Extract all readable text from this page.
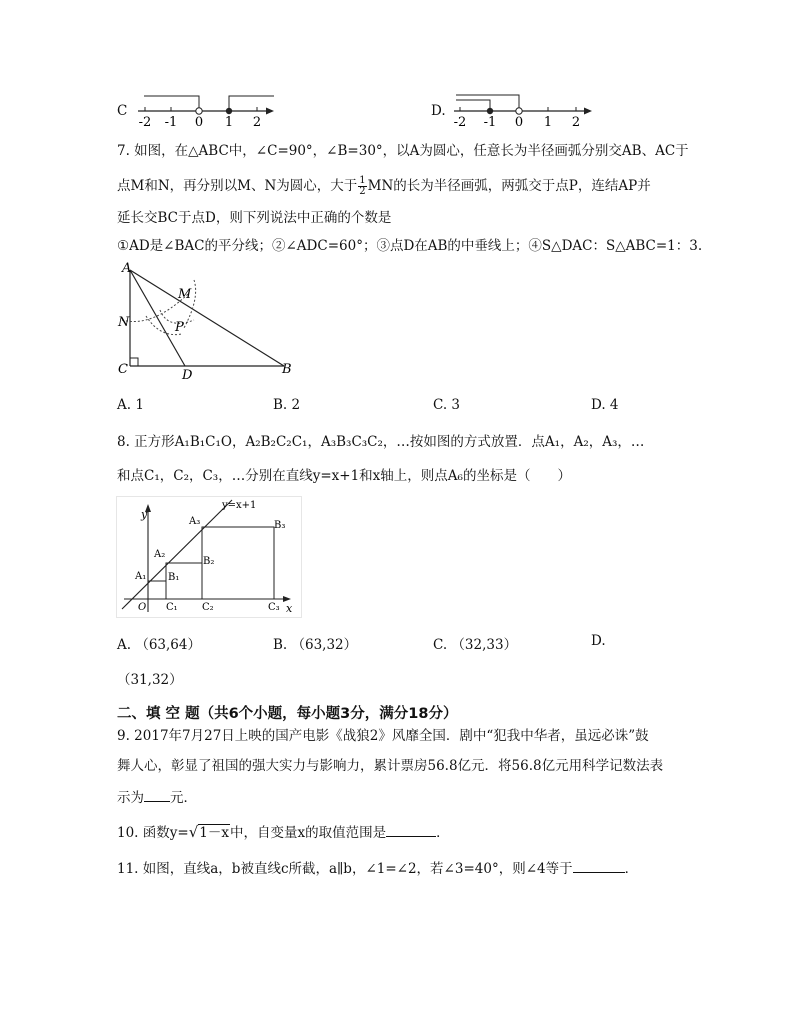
C
-2 -1 0 1 2
D.
-2 -1 0 1 2
7. 如图，在△ABC中，∠C=90°，∠B=30°，以A为圆心，任意长为半径画弧分别交AB、AC于
点M和N，再分别以M、N为圆心，大于 $\frac{1}{2}$ MN的长为半径画弧，两弧交于点P，连结AP并
延长交BC于点D，则下列说法中正确的个数是
①AD是∠BAC的平分线；②∠ADC=60°；③点D在AB的中垂线上；④S△DAC：S△ABC=1：3.
A
M
N	P
C	D	B
A. 1	B. 2	C. 3	D. 4
8. 正方形A₁B₁C₁O，A₂B₂C₂C₁，A₃B₃C₃C₂，…按如图的方式放置．点A₁，A₂，A₃，…
和点C₁，C₂，C₃，…分别在直线y=x+1和x轴上，则点A₆的坐标是（　　）
y
x
y=x+1
O
A₁
A₂
A₃
B₁
B₂
B₃
C₁ C₂	C₃
A. （63,64）	B. （63,32）	C. （32,33）	D.
（31,32）
二、填 空 题（共6个小题，每小题3分，满分18分）
9. 2017年7月27日上映的国产电影《战狼2》风靡全国．剧中“犯我中华者，虽远必诛”鼓
舞人心，彰显了祖国的强大实力与影响力，累计票房56.8亿元．将56.8亿元用科学记数法表
示为 元．
10. 函数y=√1－x中，自变量x的取值范围是	．
11. 如图，直线a，b被直线c所截，a∥b，∠1=∠2，若∠3=40°，则∠4等于	．
